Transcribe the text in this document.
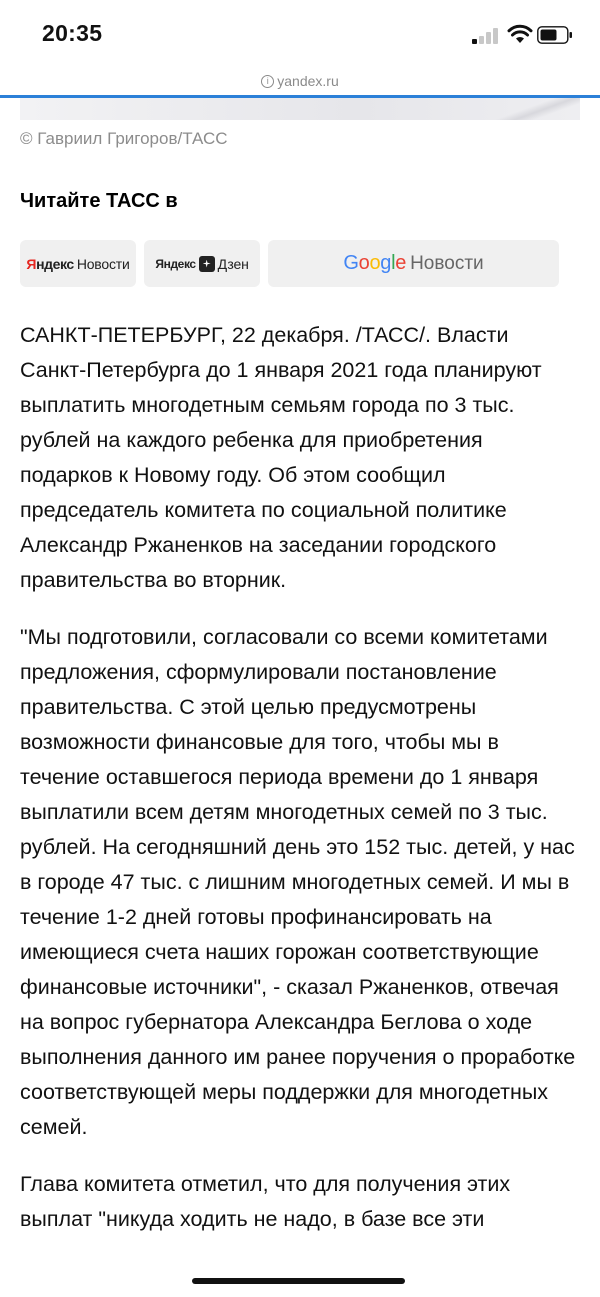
20:35
i yandex.ru
© Гавриил Григоров/ТАСС
Читайте ТАСС в
Яндекс Новости Яндекс Дзен	Google Новости

САНКТ-ПЕТЕРБУРГ, 22 декабря. /ТАСС/. Власти Санкт-Петербурга до 1 января 2021 года планируют выплатить многодетным семьям города по 3 тыс. рублей на каждого ребенка для приобретения подарков к Новому году. Об этом сообщил председатель комитета по социальной политике Александр Ржаненков на заседании городского правительства во вторник.

"Мы подготовили, согласовали со всеми комитетами предложения, сформулировали постановление правительства. С этой целью предусмотрены возможности финансовые для того, чтобы мы в течение оставшегося периода времени до 1 января выплатили всем детям многодетных семей по 3 тыс. рублей. На сегодняшний день это 152 тыс. детей, у нас в городе 47 тыс. с лишним многодетных семей. И мы в течение 1-2 дней готовы профинансировать на имеющиеся счета наших горожан соответствующие финансовые источники", - сказал Ржаненков, отвечая на вопрос губернатора Александра Беглова о ходе выполнения данного им ранее поручения о проработке соответствующей меры поддержки для многодетных семей.

Глава комитета отметил, что для получения этих выплат "никуда ходить не надо, в базе все эти
